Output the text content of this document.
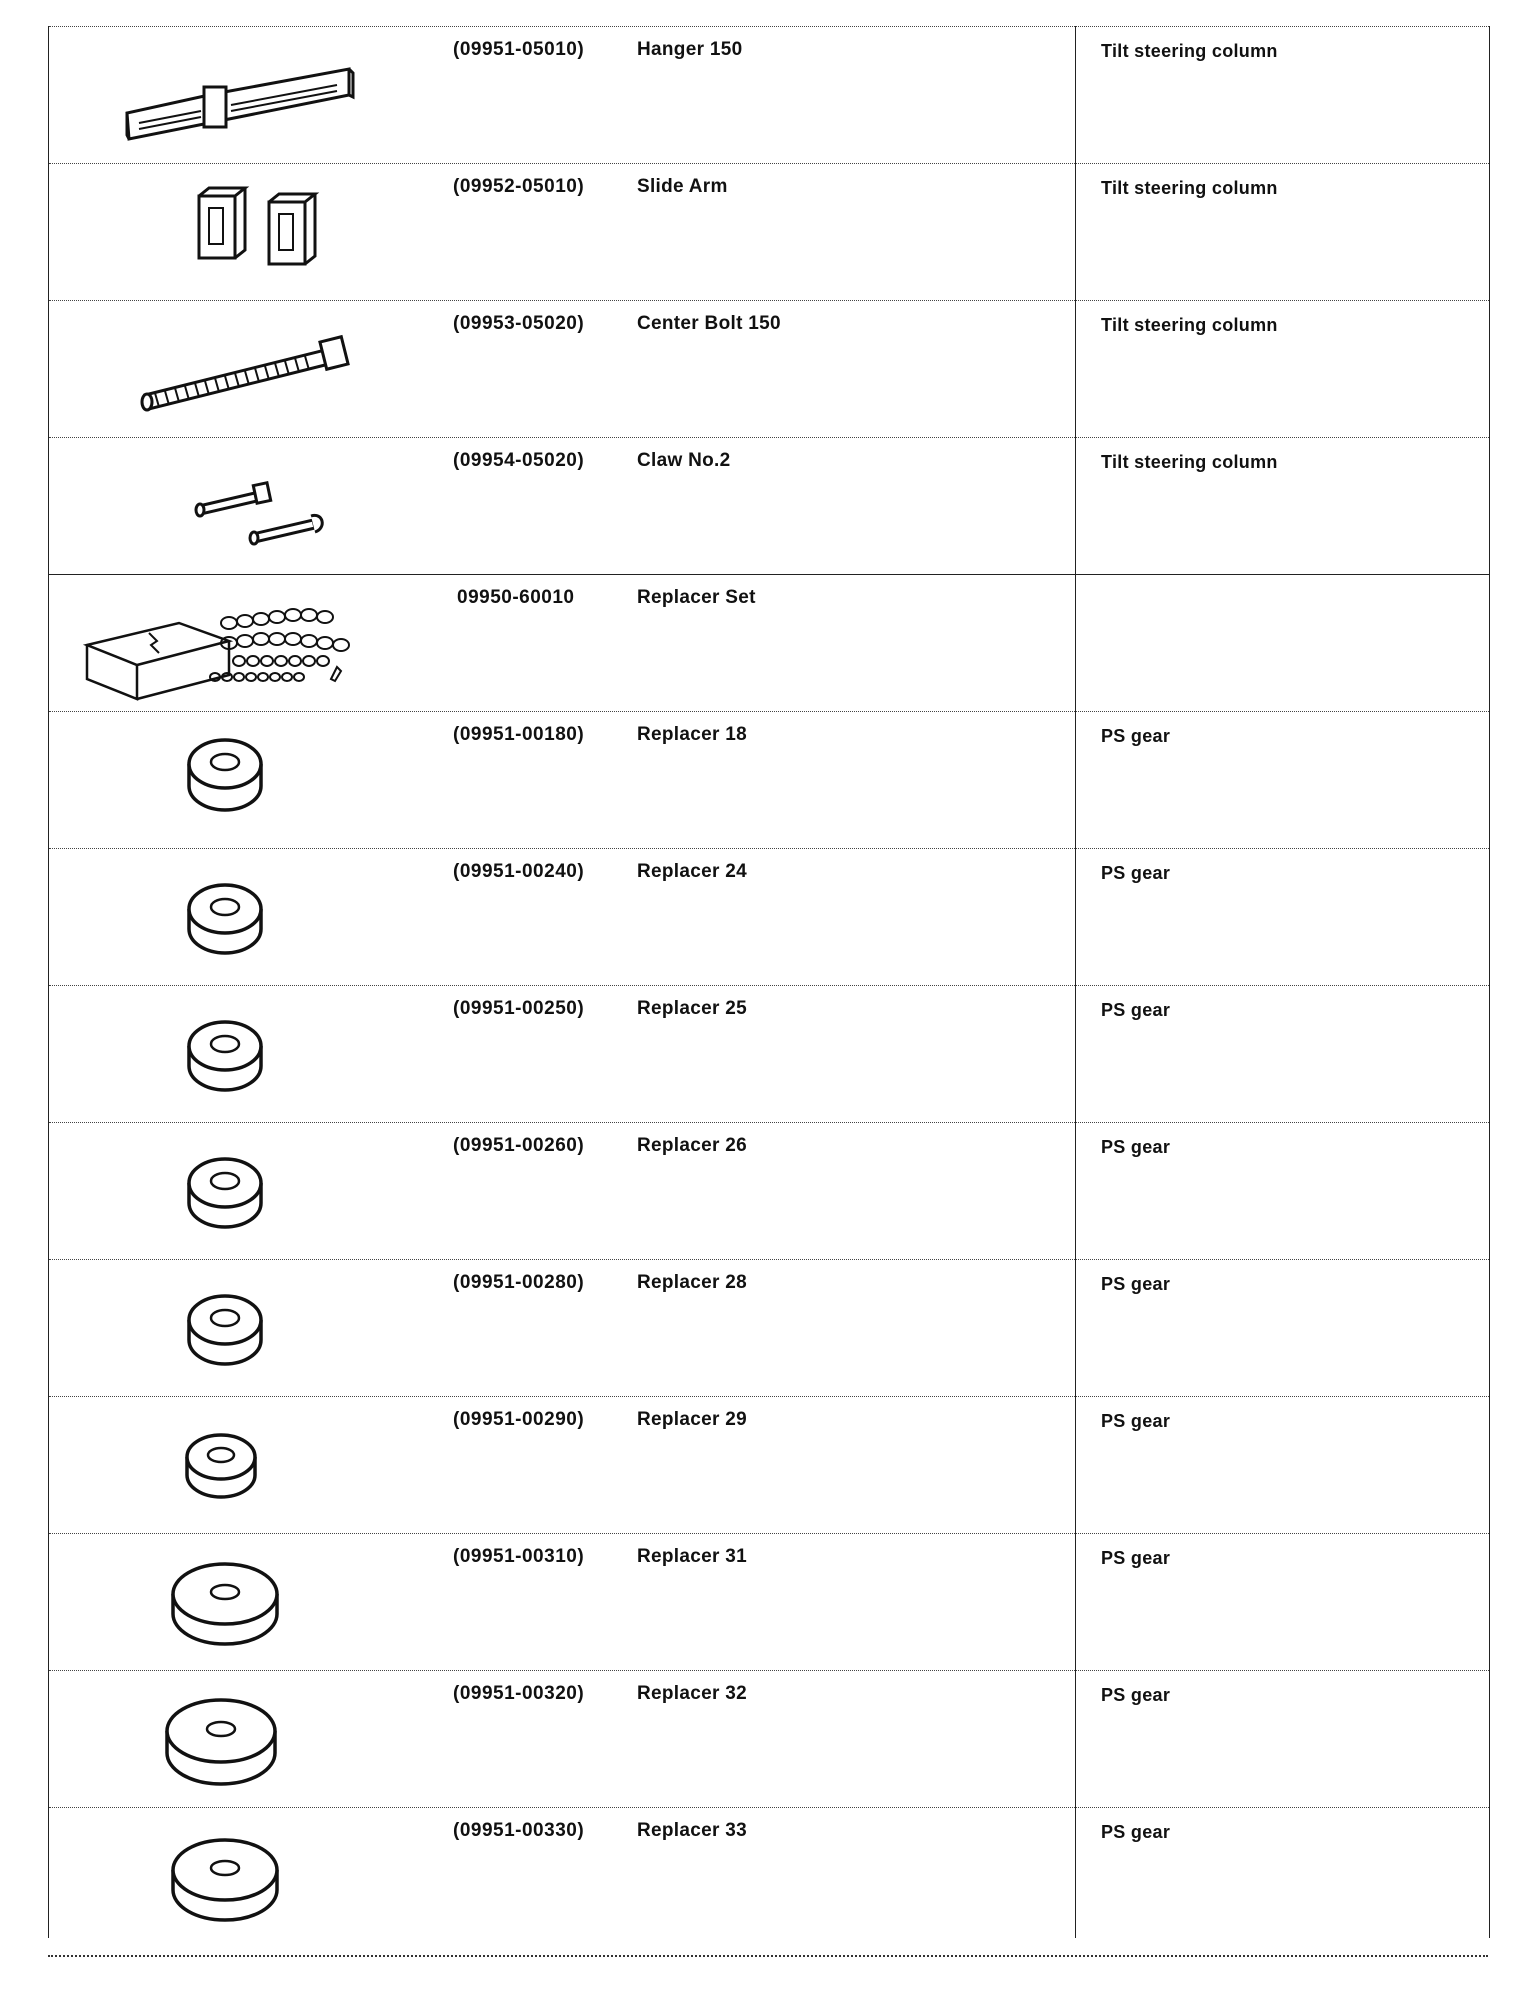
(09951-05010)	Hanger 150	Tilt steering column
(09952-05010)	Slide Arm	Tilt steering column
(09953-05020)	Center Bolt 150	Tilt steering column
(09954-05020)	Claw No.2	Tilt steering column
09950-60010	Replacer Set
(09951-00180)	Replacer 18	PS gear
(09951-00240)	Replacer 24	PS gear
(09951-00250)	Replacer 25	PS gear
(09951-00260)	Replacer 26	PS gear
(09951-00280)	Replacer 28	PS gear
(09951-00290)	Replacer 29	PS gear
(09951-00310)	Replacer 31	PS gear
(09951-00320)	Replacer 32	PS gear
(09951-00330)	Replacer 33	PS gear
